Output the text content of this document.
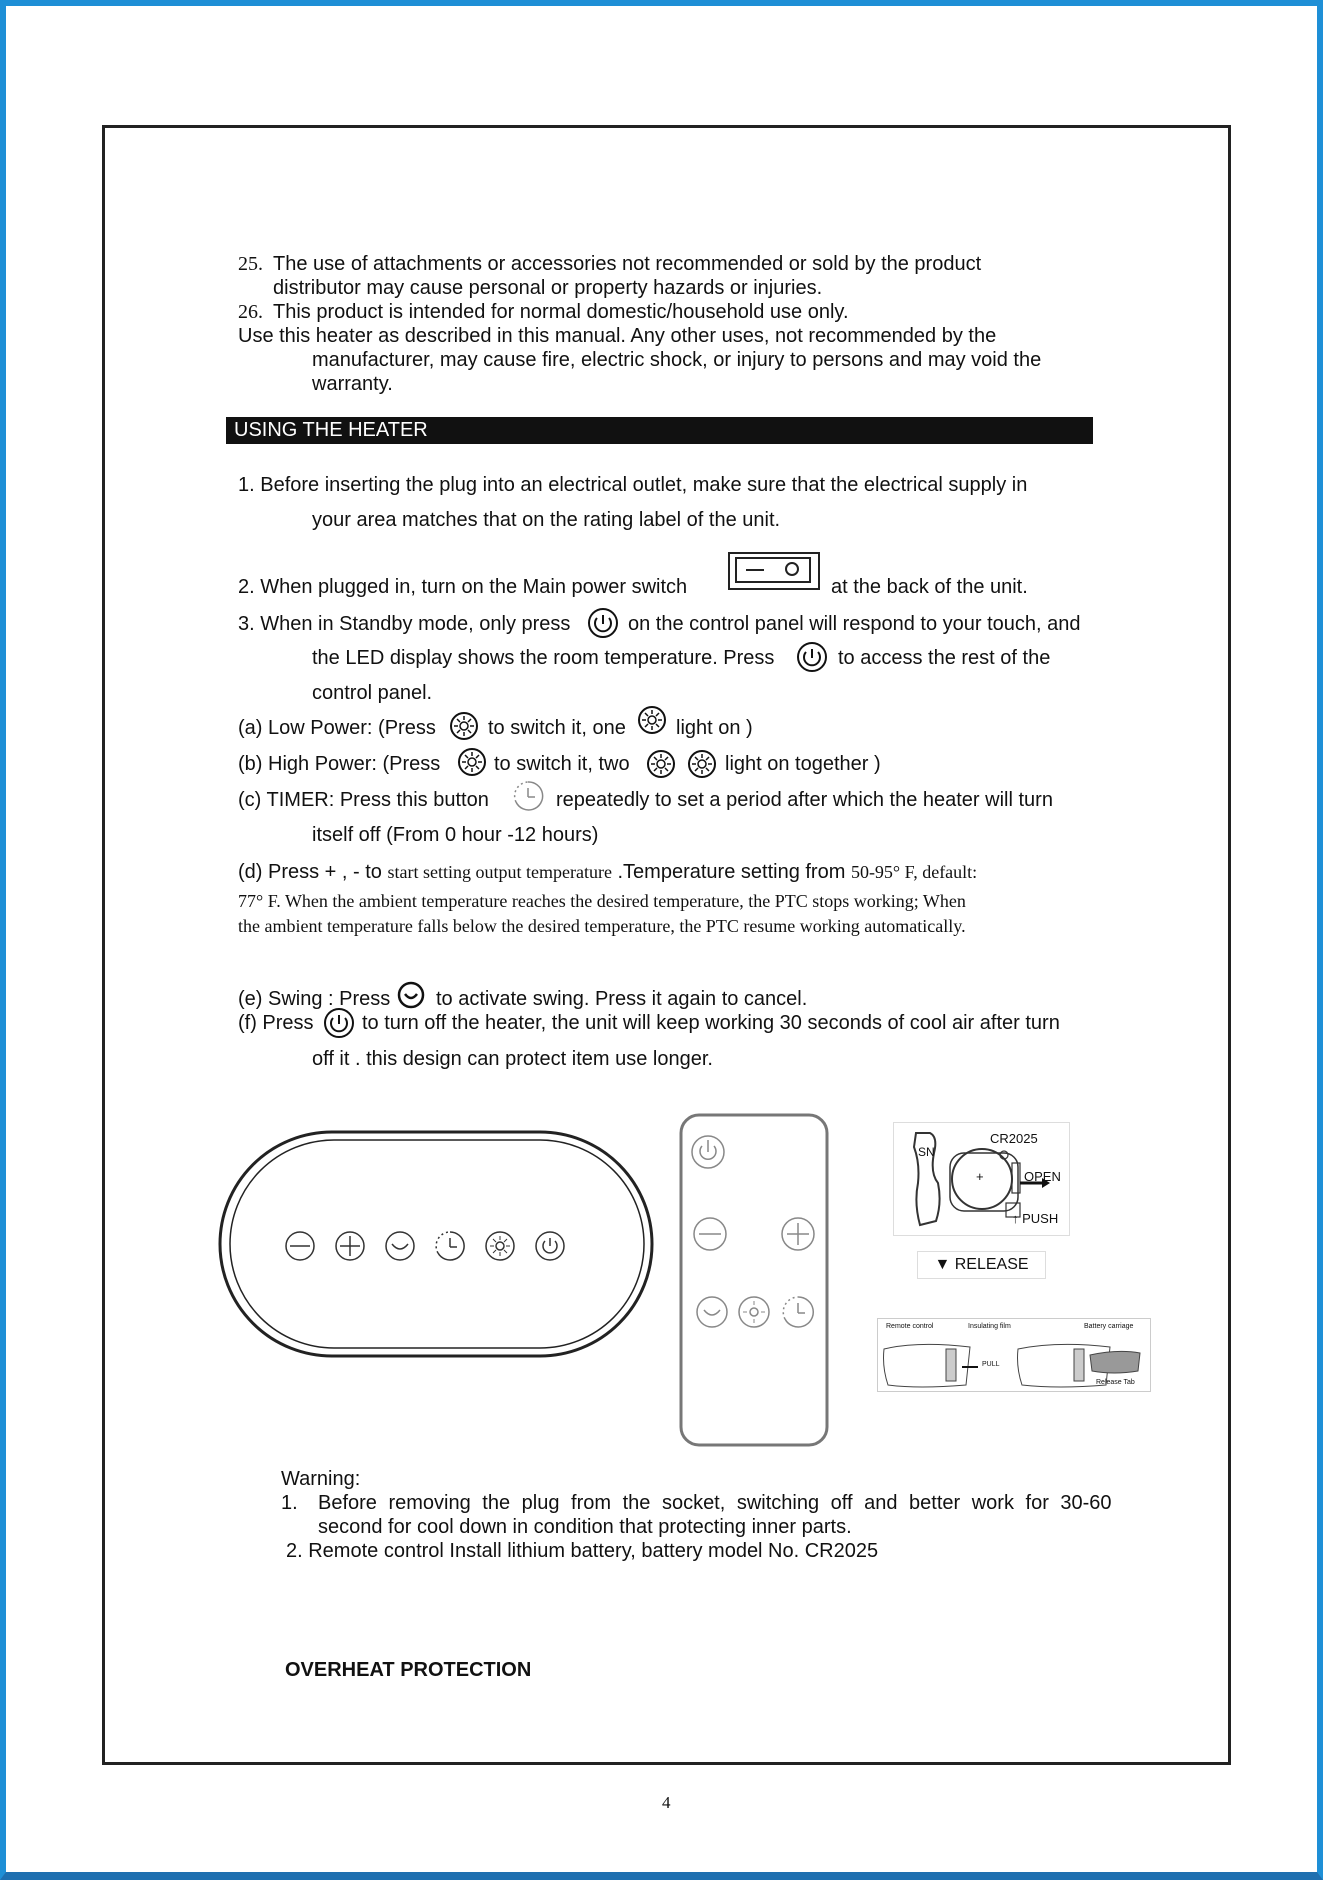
25. The use of attachments or accessories not recommended or sold by the product
distributor may cause personal or property hazards or injuries.
26. This product is intended for normal domestic/household use only.
Use this heater as described in this manual. Any other uses, not recommended by the
manufacturer, may cause fire, electric shock, or injury to persons and may void the
warranty.
USING THE HEATER
1. Before inserting the plug into an electrical outlet, make sure that the electrical supply in
your area matches that on the rating label of the unit.
2. When plugged in, turn on the Main power switch	at the back of the unit.
3. When in Standby mode, only press	on the control panel will respond to your touch, and
the LED display shows the room temperature. Press	to access the rest of the
control panel.
(a) Low Power: (Press	to switch it, one	light on )
(b) High Power: (Press	to switch it, two	light on together )
(c) TIMER: Press this button	repeatedly to set a period after which the heater will turn
itself off (From 0 hour -12 hours)
(d) Press + , - to start setting output temperature .Temperature setting from 50-95° F, default:
77° F. When the ambient temperature reaches the desired temperature, the PTC stops working; When
the ambient temperature falls below the desired temperature, the PTC resume working automatically.
(e) Swing : Press to activate swing. Press it again to cancel.
(f) Press to turn off the heater, the unit will keep working 30 seconds of cool air after turn
off it . this design can protect item use longer.
CR2025
SN
+	OPEN
↑ PUSH
▼ RELEASE
Remote control	Insulating film	Battery carriage
PULL
Release Tab
Warning:
1. Before removing the plug from the socket, switching off and better work for 30-60
second for cool down in condition that protecting inner parts.
2. Remote control Install lithium battery, battery model No. CR2025
OVERHEAT PROTECTION
4
